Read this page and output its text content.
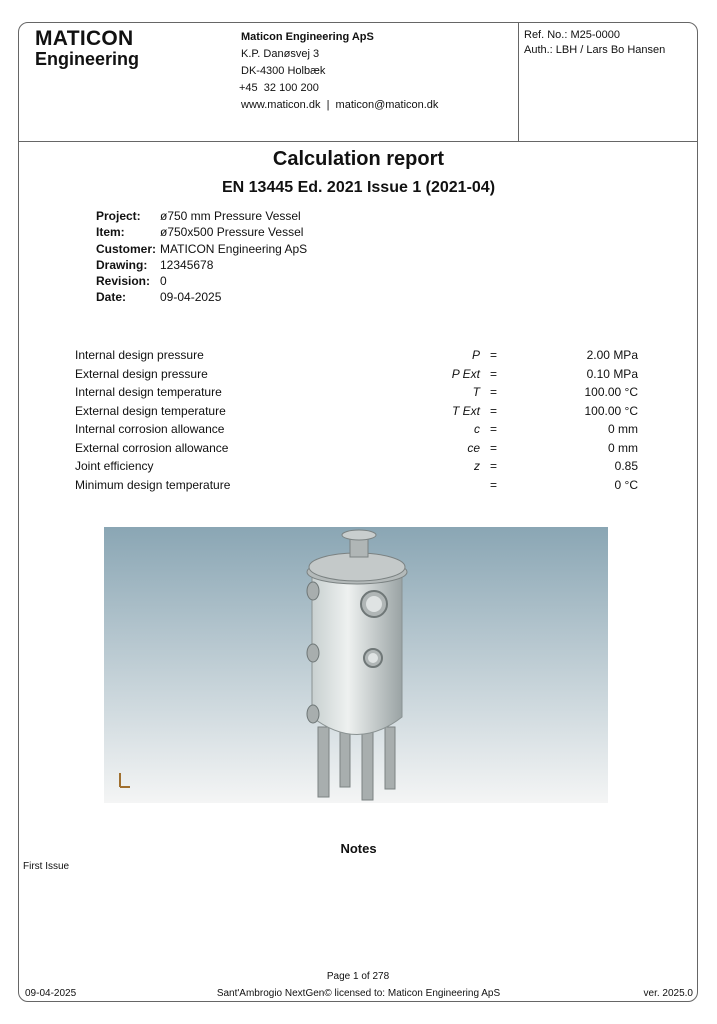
MATICON
Engineering
Maticon Engineering ApS
K.P. Danøsvej 3
DK-4300 Holbæk
+45  32 100 200
www.maticon.dk  |  maticon@maticon.dk
Ref. No.: M25-0000
Auth.: LBH / Lars Bo Hansen
Calculation report
EN 13445 Ed. 2021 Issue 1 (2021-04)
Project:	ø750 mm Pressure Vessel
Item:	ø750x500 Pressure Vessel
Customer: MATICON Engineering ApS
Drawing:	12345678
Revision: 0
Date:	09-04-2025
Internal design pressure	P =	2.00 MPa
External design pressure	P Ext =	0.10 MPa
Internal design temperature	T =	100.00 °C
External design temperature	T Ext =	100.00 °C
Internal corrosion allowance	c =	0 mm
External corrosion allowance	ce =	0 mm
Joint efficiency	z =	0.85
Minimum design temperature	=	0 °C
Notes
First Issue
Page 1 of 278
09-04-2025	Sant'Ambrogio NextGen© licensed to: Maticon Engineering ApS	ver. 2025.0
